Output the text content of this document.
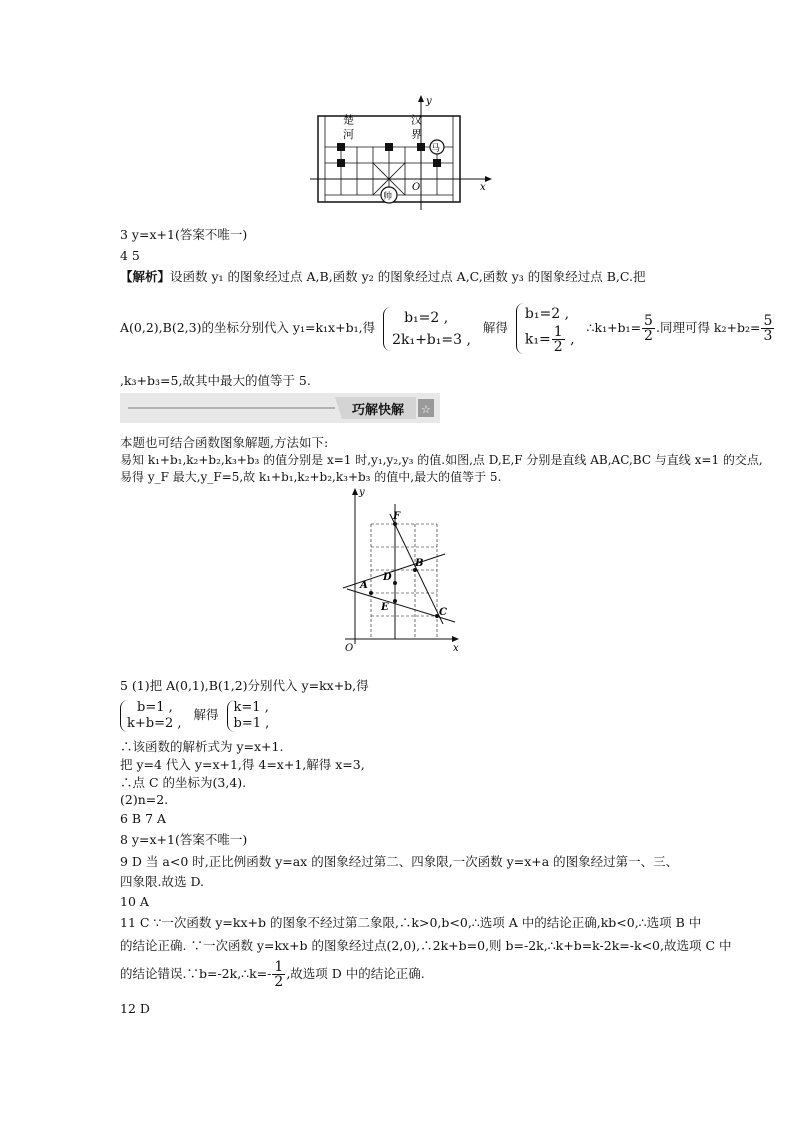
y
x
O
楚 河	汉 界
马
帅
3 y=x+1(答案不唯一)
4 5
【解析】设函数 y₁ 的图象经过点 A,B,函数 y₂ 的图象经过点 A,C,函数 y₃ 的图象经过点 B,C.把
A(0,2),B(2,3)的坐标分别代入 y₁=k₁x+b₁,得
b₁=2 ,
2k₁+b₁=3 ,
解得
b₁=2 ,
$k_1= \frac{1}{2}$ ,
∴k₁+b₁= $\frac{5}{2}$ .同理可得 $k_2+b_2= \frac{5}{3}$
,k₃+b₃=5,故其中最大的值等于 5.
☆
巧解快解
本题也可结合函数图象解题,方法如下:
易知 k₁+b₁,k₂+b₂,k₃+b₃ 的值分别是 x=1 时,y₁,y₂,y₃ 的值.如图,点 D,E,F 分别是直线 AB,AC,BC 与直线 x=1 的交点,
易得 y_F 最大,y_F=5,故 k₁+b₁,k₂+b₂,k₃+b₃ 的值中,最大的值等于 5.
y
x
O
F
B
D
A
E	C
5 (1)把 A(0,1),B(1,2)分别代入 y=kx+b,得
b=1 ,
k+b=2 ,
解得 k=1 ,
b=1 ,
∴该函数的解析式为 y=x+1.
把 y=4 代入 y=x+1,得 4=x+1,解得 x=3,
∴点 C 的坐标为(3,4).
(2)n=2.
6 B 7 A
8 y=x+1(答案不唯一)
9 D 当 a<0 时,正比例函数 y=ax 的图象经过第二、四象限,一次函数 y=x+a 的图象经过第一、三、
四象限.故选 D.
10 A
11 C ∵一次函数 y=kx+b 的图象不经过第二象限,∴k>0,b<0,∴选项 A 中的结论正确,kb<0,∴选项 B 中
的结论正确. ∵一次函数 y=kx+b 的图象经过点(2,0),∴2k+b=0,则 b=-2k,∴k+b=k-2k=-k<0,故选项 C 中
的结论错误.∵b=-2k,∴k=- $\frac{1}{2}$ ,故选项 D 中的结论正确.
12 D
